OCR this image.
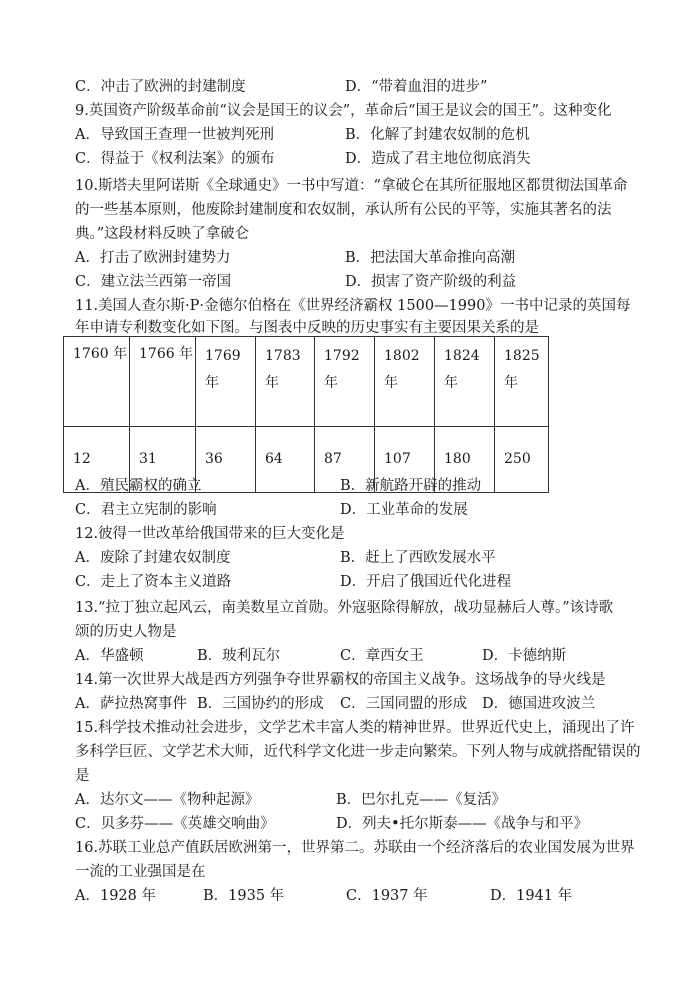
C．冲击了欧洲的封建制度	D．“带着血泪的进步”
9.英国资产阶级革命前“议会是国王的议会”，革命后“国王是议会的国王”。这种变化
A．导致国王查理一世被判死刑	B．化解了封建农奴制的危机
C．得益于《权利法案》的颁布	D．造成了君主地位彻底消失
10.斯塔夫里阿诺斯《全球通史》一书中写道：“拿破仑在其所征服地区都贯彻法国革命
的一些基本原则，他废除封建制度和农奴制，承认所有公民的平等，实施其著名的法
典。”这段材料反映了拿破仑
A．打击了欧洲封建势力	B．把法国大革命推向高潮
C．建立法兰西第一帝国	D．损害了资产阶级的利益
11.美国人查尔斯·P·金德尔伯格在《世界经济霸权 1500—1990》一书中记录的英国每
年申请专利数变化如下图。与图表中反映的历史事实有主要因果关系的是
1760 年	1766 年	1769
年	1783
年	1792
年	1802
年	1824
年	1825
年

12	31	36	64	87	107	180	250
A．殖民霸权的确立	B．新航路开辟的推动
C．君主立宪制的影响	D．工业革命的发展
12.彼得一世改革给俄国带来的巨大变化是
A．废除了封建农奴制度	B．赶上了西欧发展水平
C．走上了资本主义道路	D．开启了俄国近代化进程
13.“拉丁独立起风云，南美数星立首勋。外寇驱除得解放，战功显赫后人尊。”该诗歌
颂的历史人物是
A．华盛顿	B．玻利瓦尔	C．章西女王	D．卡德纳斯
14.第一次世界大战是西方列强争夺世界霸权的帝国主义战争。这场战争的导火线是
A．萨拉热窝事件 B．三国协约的形成 C．三国同盟的形成 D．德国进攻波兰
15.科学技术推动社会进步，文学艺术丰富人类的精神世界。世界近代史上，涌现出了许
多科学巨匠、文学艺术大师，近代科学文化进一步走向繁荣。下列人物与成就搭配错误的
是
A．达尔文——《物种起源》	B．巴尔扎克——《复活》
C．贝多芬——《英雄交响曲》	D．列夫•托尔斯泰——《战争与和平》
16.苏联工业总产值跃居欧洲第一，世界第二。苏联由一个经济落后的农业国发展为世界
一流的工业强国是在
A．1928 年	B．1935 年	C．1937 年	D．1941 年
